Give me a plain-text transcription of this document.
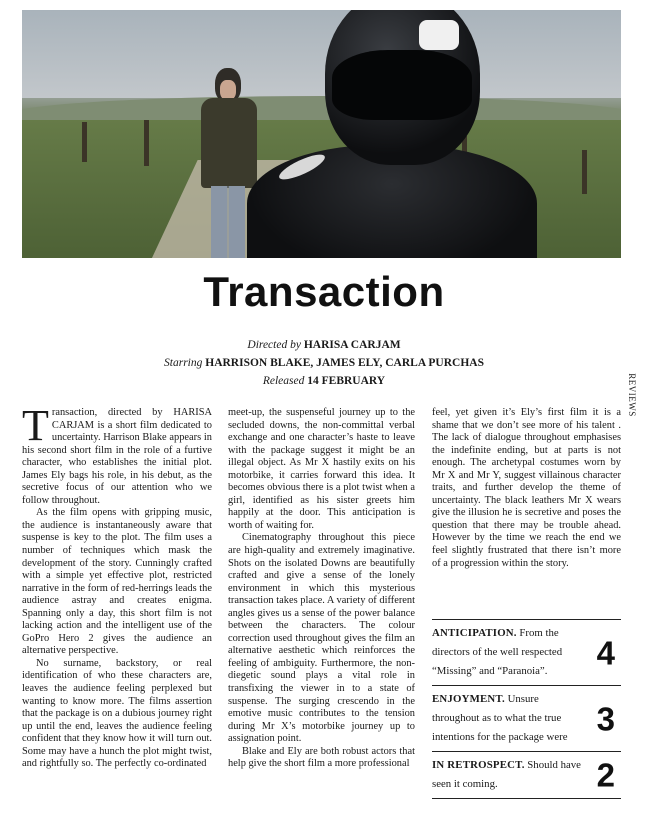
Transaction
Directed by HARISA CARJAM
Starring HARRISON BLAKE, JAMES ELY, CARLA PURCHAS
Released 14 FEBRUARY	REVIEWS

Transaction, directed by HARISA CARJAM is a short film dedicated to uncertainty. Harrison Blake appears in his second short film in the role of a furtive character, who establishes the initial plot. James Ely bags his role, in his debut, as the secretive focus of our attention who we follow throughout.

As the film opens with gripping music, the audience is instantaneously aware that suspense is key to the plot. The film uses a number of techniques which mask the development of the story. Cunningly crafted with a simple yet effective plot, restricted narrative in the form of red-herrings leads the audience astray and creates enigma. Spanning only a day, this short film is not lacking action and the intelligent use of the GoPro Hero 2 gives the audience an alternative perspective.

No surname, backstory, or real identification of who these characters are, leaves the audience feeling perplexed but wanting to know more. The films assertion that the package is on a dubious journey right up until the end, leaves the audience feeling confident that they know how it will turn out. Some may have a hunch the plot might twist, and rightfully so. The perfectly co-ordinated

meet-up, the suspenseful journey up to the secluded downs, the non-committal verbal exchange and one character’s haste to leave with the package suggest it might be an illegal object. As Mr X hastily exits on his motorbike, it carries forward this idea. It becomes obvious there is a plot twist when a girl, identified as his sister greets him happily at the door. This anticipation is worth of waiting for.

Cinematography throughout this piece are high-quality and extremely imaginative. Shots on the isolated Downs are beautifully crafted and give a sense of the lonely environment in which this mysterious transaction takes place. A variety of different angles gives us a sense of the power balance between the characters. The colour correction used throughout gives the film an alternative aesthetic which reinforces the feeling of ambiguity. Furthermore, the non-diegetic sound plays a vital role in transfixing the viewer in to a state of suspense. The surging crescendo in the emotive music contributes to the tension during Mr X’s motorbike journey up to assignation point.

Blake and Ely are both robust actors that help give the short film a more professional

feel, yet given it’s Ely’s first film it is a shame that we don’t see more of his talent . The lack of dialogue throughout emphasises the indefinite ending, but at parts is not enough. The archetypal costumes worn by Mr X and Mr Y, suggest villainous character traits, and further develop the theme of uncertainty. The black leathers Mr X wears give the illusion he is secretive and poses the question that there may be trouble ahead. However by the time we reach the end we feel slightly frustrated that there isn’t more of a progression within the story.

ANTICIPATION. From the directors of the well respected “Missing” and “Paranoia”. 4
ENJOYMENT. Unsure throughout as to what the true intentions for the package were 3
IN RETROSPECT. Should have seen it coming.	2
